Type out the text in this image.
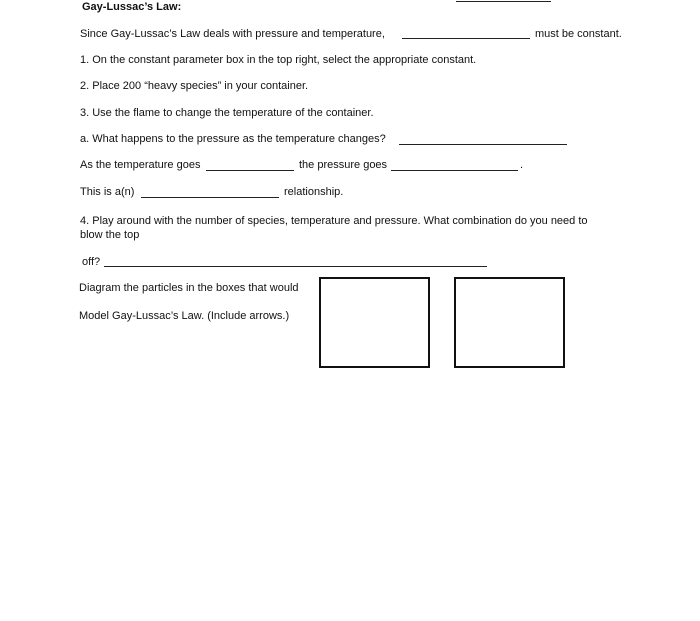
Gay-Lussac’s Law:
Since Gay-Lussac’s Law deals with pressure and temperature,	must be constant.
1. On the constant parameter box in the top right, select the appropriate constant.
2. Place 200 “heavy species” in your container.
3. Use the flame to change the temperature of the container.
a. What happens to the pressure as the temperature changes?
As the temperature goes	the pressure goes	.
This is a(n)	relationship.
4. Play around with the number of species, temperature and pressure. What combination do you need to
blow the top
off?
Diagram the particles in the boxes that would
Model Gay-Lussac’s Law. (Include arrows.)
